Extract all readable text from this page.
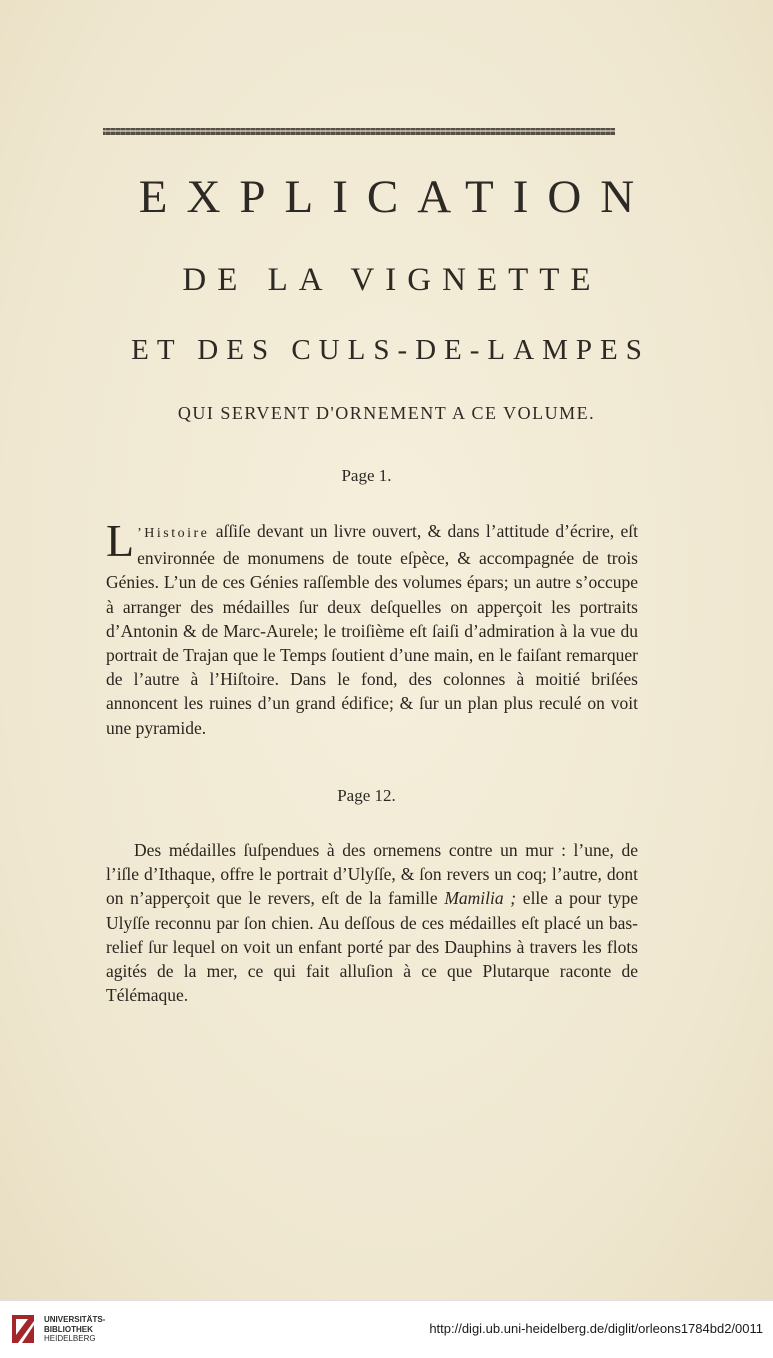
EXPLICATION
DE LA VIGNETTE
ET DES CULS-DE-LAMPES
QUI SERVENT D'ORNEMENT A CE VOLUME.
Page 1.
L ’Histoire aſſiſe devant un livre ouvert, & dans l’attitude d’écrire, eſt environnée de monumens de toute eſpèce, & accompagnée de trois Génies. L’un de ces Génies raſſemble des volumes épars; un autre s’occupe à arranger des médailles ſur deux deſquelles on apperçoit les portraits d’Antonin & de Marc-Aurele; le troiſième eſt ſaiſi d’admiration à la vue du portrait de Trajan que le Temps ſoutient d’une main, en le faiſant remarquer de l’autre à l’Hiſtoire. Dans le fond, des colonnes à moitié briſées annoncent les ruines d’un grand édifice; & ſur un plan plus reculé on voit une pyramide.
Page 12.
Des médailles ſuſpendues à des ornemens contre un mur : l’une, de l’iſle d’Ithaque, offre le portrait d’Ulyſſe, & ſon revers un coq; l’autre, dont on n’apperçoit que le revers, eſt de la famille Mamilia ; elle a pour type Ulyſſe reconnu par ſon chien. Au deſſous de ces médailles eſt placé un bas-relief ſur lequel on voit un enfant porté par des Dauphins à travers les flots agités de la mer, ce qui fait alluſion à ce que Plutarque raconte de Télémaque.
UNIVERSITÄTS-
BIBLIOTHEK
HEIDELBERG
http://digi.ub.uni-heidelberg.de/diglit/orleons1784bd2/0011
